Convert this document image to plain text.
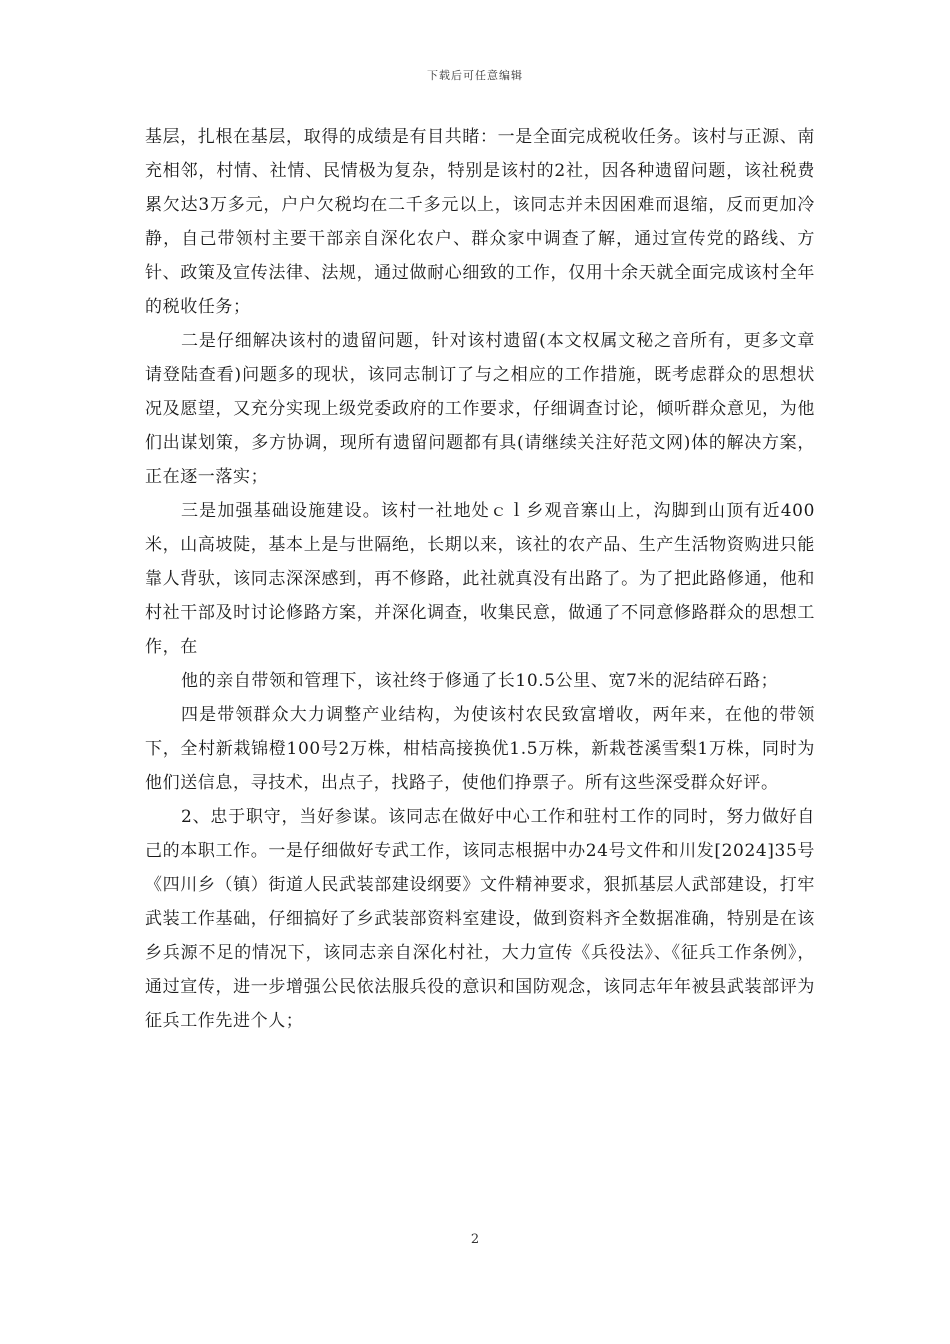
下载后可任意编辑

基层，扎根在基层，取得的成绩是有目共睹：一是全面完成税收任务。该村与正源、南充相邻，村情、社情、民情极为复杂，特别是该村的2社，因各种遗留问题，该社税费累欠达3万多元，户户欠税均在二千多元以上，该同志并未因困难而退缩，反而更加冷静，自己带领村主要干部亲自深化农户、群众家中调查了解，通过宣传党的路线、方针、政策及宣传法律、法规，通过做耐心细致的工作，仅用十余天就全面完成该村全年的税收任务；

二是仔细解决该村的遗留问题，针对该村遗留(本文权属文秘之音所有，更多文章请登陆查看)问题多的现状，该同志制订了与之相应的工作措施，既考虑群众的思想状况及愿望，又充分实现上级党委政府的工作要求，仔细调查讨论，倾听群众意见，为他们出谋划策，多方协调，现所有遗留问题都有具(请继续关注好范文网)体的解决方案，正在逐一落实；

三是加强基础设施建设。该村一社地处ｃｌ乡观音寨山上，沟脚到山顶有近400米，山高坡陡，基本上是与世隔绝，长期以来，该社的农产品、生产生活物资购进只能靠人背驮，该同志深深感到，再不修路，此社就真没有出路了。为了把此路修通，他和村社干部及时讨论修路方案，并深化调查，收集民意，做通了不同意修路群众的思想工作，在

他的亲自带领和管理下，该社终于修通了长10.5公里、宽7米的泥结碎石路；

四是带领群众大力调整产业结构，为使该村农民致富增收，两年来，在他的带领下，全村新栽锦橙100号2万株，柑桔高接换优1.5万株，新栽苍溪雪梨1万株，同时为他们送信息，寻技术，出点子，找路子，使他们挣票子。所有这些深受群众好评。

2、忠于职守，当好参谋。该同志在做好中心工作和驻村工作的同时，努力做好自己的本职工作。一是仔细做好专武工作，该同志根据中办24号文件和川发[2024]35号《四川乡（镇）街道人民武装部建设纲要》文件精神要求，狠抓基层人武部建设，打牢武装工作基础，仔细搞好了乡武装部资料室建设，做到资料齐全数据准确，特别是在该乡兵源不足的情况下，该同志亲自深化村社，大力宣传《兵役法》、《征兵工作条例》，通过宣传，进一步增强公民依法服兵役的意识和国防观念，该同志年年被县武装部评为征兵工作先进个人；

2
